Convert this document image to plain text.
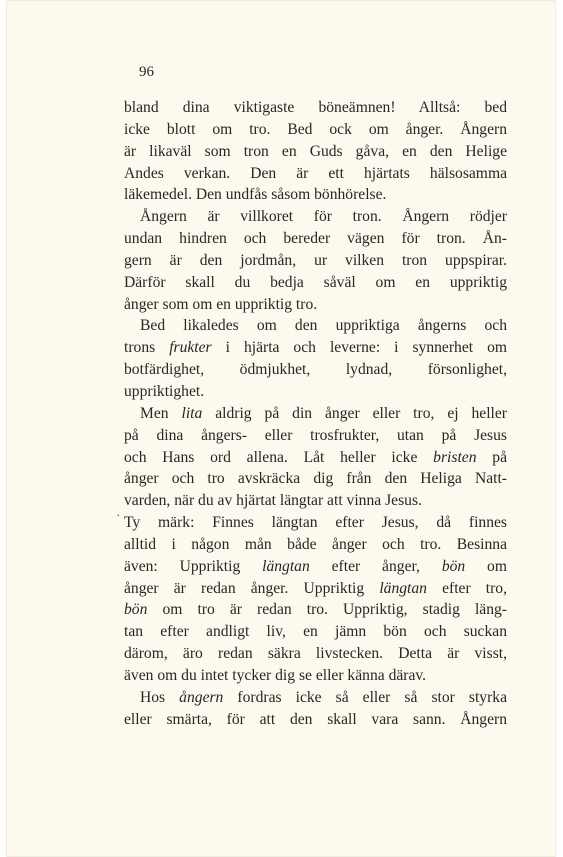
96
·
bland dina viktigaste böneämnen! Alltså: bed
icke blott om tro. Bed ock om ånger. Ångern
är likaväl som tron en Guds gåva, en den Helige
Andes verkan. Den är ett hjärtats hälsosamma
läkemedel. Den undfås såsom bönhörelse.
Ångern är villkoret för tron. Ångern rödjer
undan hindren och bereder vägen för tron. Ån-
gern är den jordmån, ur vilken tron uppspirar.
Därför skall du bedja såväl om en uppriktig
ånger som om en uppriktig tro.
Bed likaledes om den uppriktiga ångerns och
trons frukter i hjärta och leverne: i synnerhet om
botfärdighet, ödmjukhet, lydnad, försonlighet,
uppriktighet.
Men lita aldrig på din ånger eller tro, ej heller
på dina ångers- eller trosfrukter, utan på Jesus
och Hans ord allena. Låt heller icke bristen på
ånger och tro avskräcka dig från den Heliga Natt-
varden, när du av hjärtat längtar att vinna Jesus.
Ty märk: Finnes längtan efter Jesus, då finnes
alltid i någon mån både ånger och tro. Besinna
även: Uppriktig längtan efter ånger, bön om
ånger är redan ånger. Uppriktig längtan efter tro,
bön om tro är redan tro. Uppriktig, stadig läng-
tan efter andligt liv, en jämn bön och suckan
därom, äro redan säkra livstecken. Detta är visst,
även om du intet tycker dig se eller känna därav.
Hos ångern fordras icke så eller så stor styrka
eller smärta, för att den skall vara sann. Ångern
